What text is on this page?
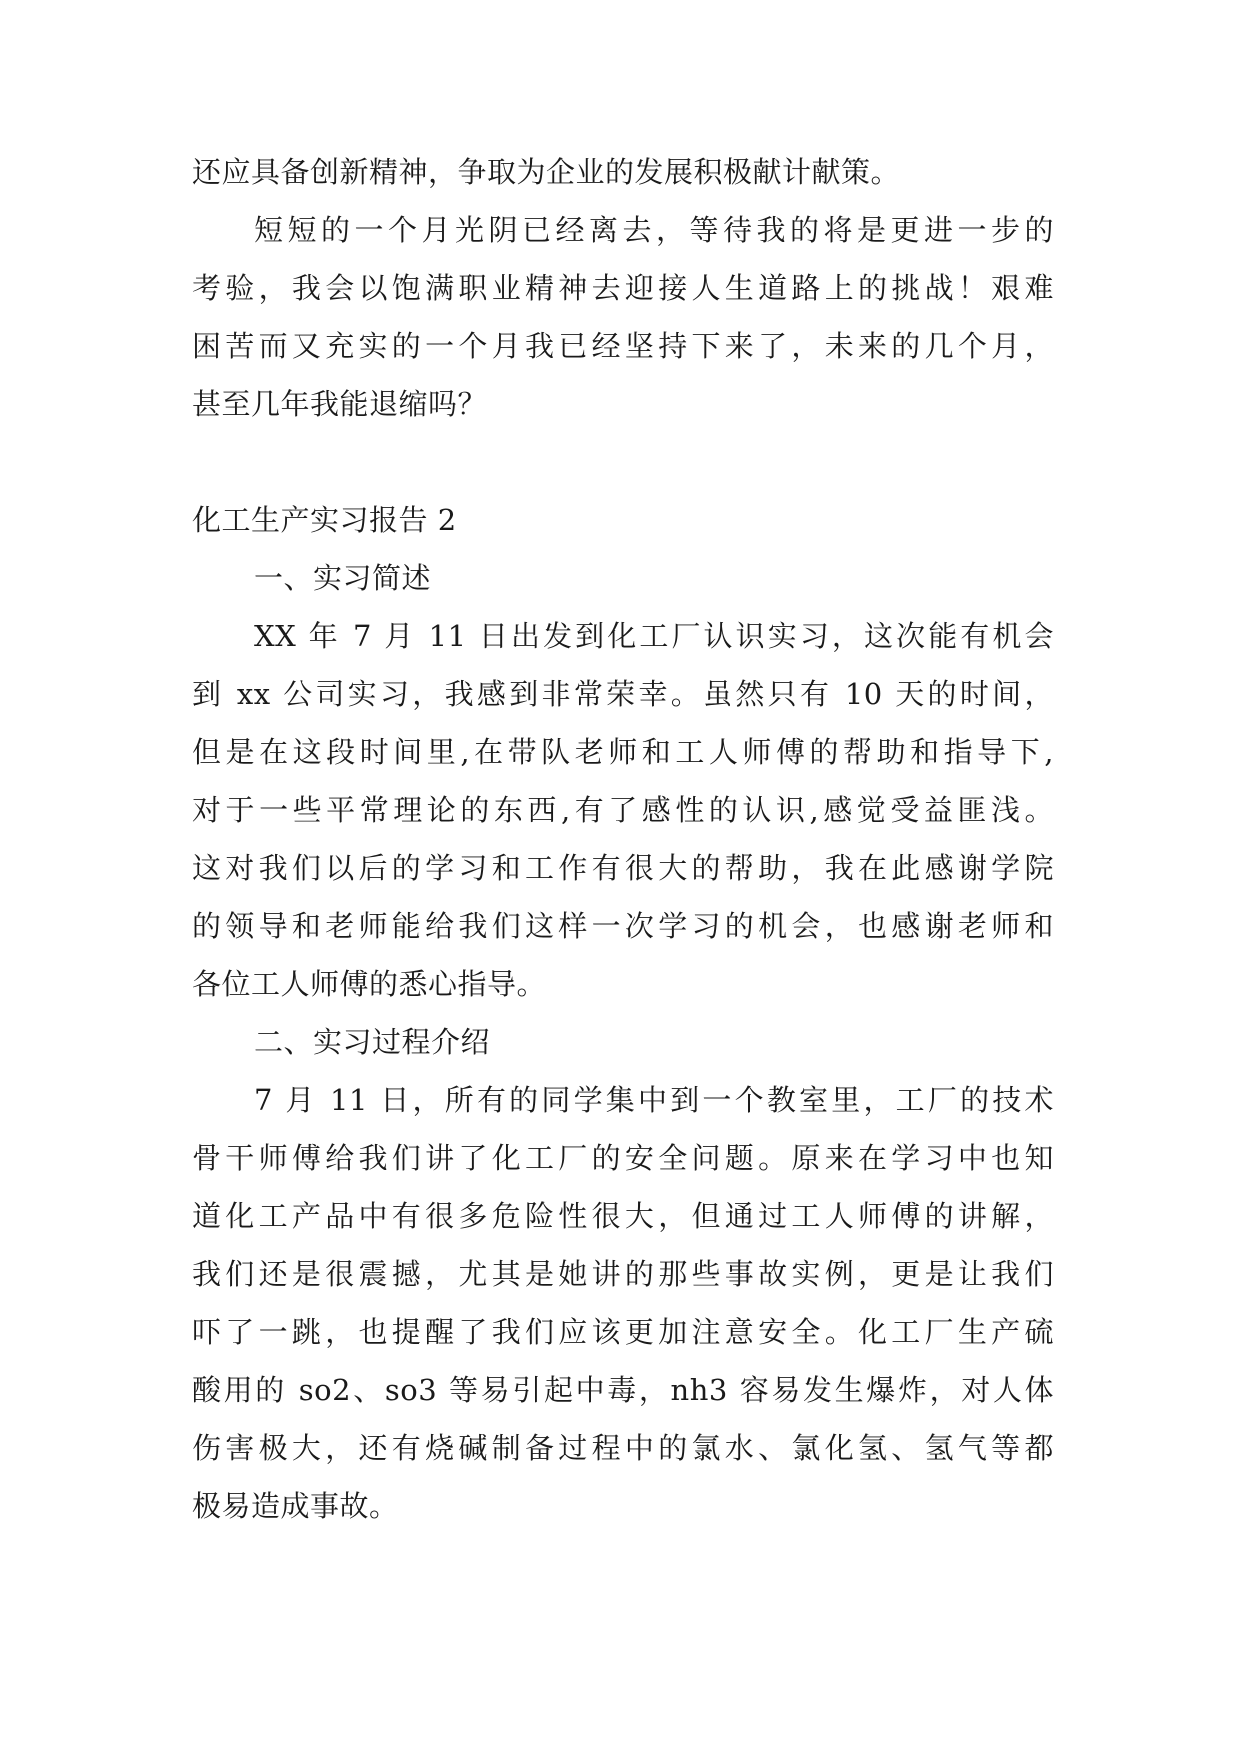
还应具备创新精神，争取为企业的发展积极献计献策。
短短的一个月光阴已经离去，等待我的将是更进一步的
考验，我会以饱满职业精神去迎接人生道路上的挑战！艰难
困苦而又充实的一个月我已经坚持下来了，未来的几个月，
甚至几年我能退缩吗？
化工生产实习报告 2
一、实习简述
XX 年 7 月 11 日出发到化工厂认识实习，这次能有机会
到 xx 公司实习，我感到非常荣幸。虽然只有 10 天的时间，
但是在这段时间里,在带队老师和工人师傅的帮助和指导下,
对于一些平常理论的东西,有了感性的认识,感觉受益匪浅。
这对我们以后的学习和工作有很大的帮助，我在此感谢学院
的领导和老师能给我们这样一次学习的机会，也感谢老师和
各位工人师傅的悉心指导。
二、实习过程介绍
7 月 11 日，所有的同学集中到一个教室里，工厂的技术
骨干师傅给我们讲了化工厂的安全问题。原来在学习中也知
道化工产品中有很多危险性很大，但通过工人师傅的讲解，
我们还是很震撼，尤其是她讲的那些事故实例，更是让我们
吓了一跳，也提醒了我们应该更加注意安全。化工厂生产硫
酸用的 so2、so3 等易引起中毒，nh3 容易发生爆炸，对人体
伤害极大，还有烧碱制备过程中的氯水、氯化氢、氢气等都
极易造成事故。
